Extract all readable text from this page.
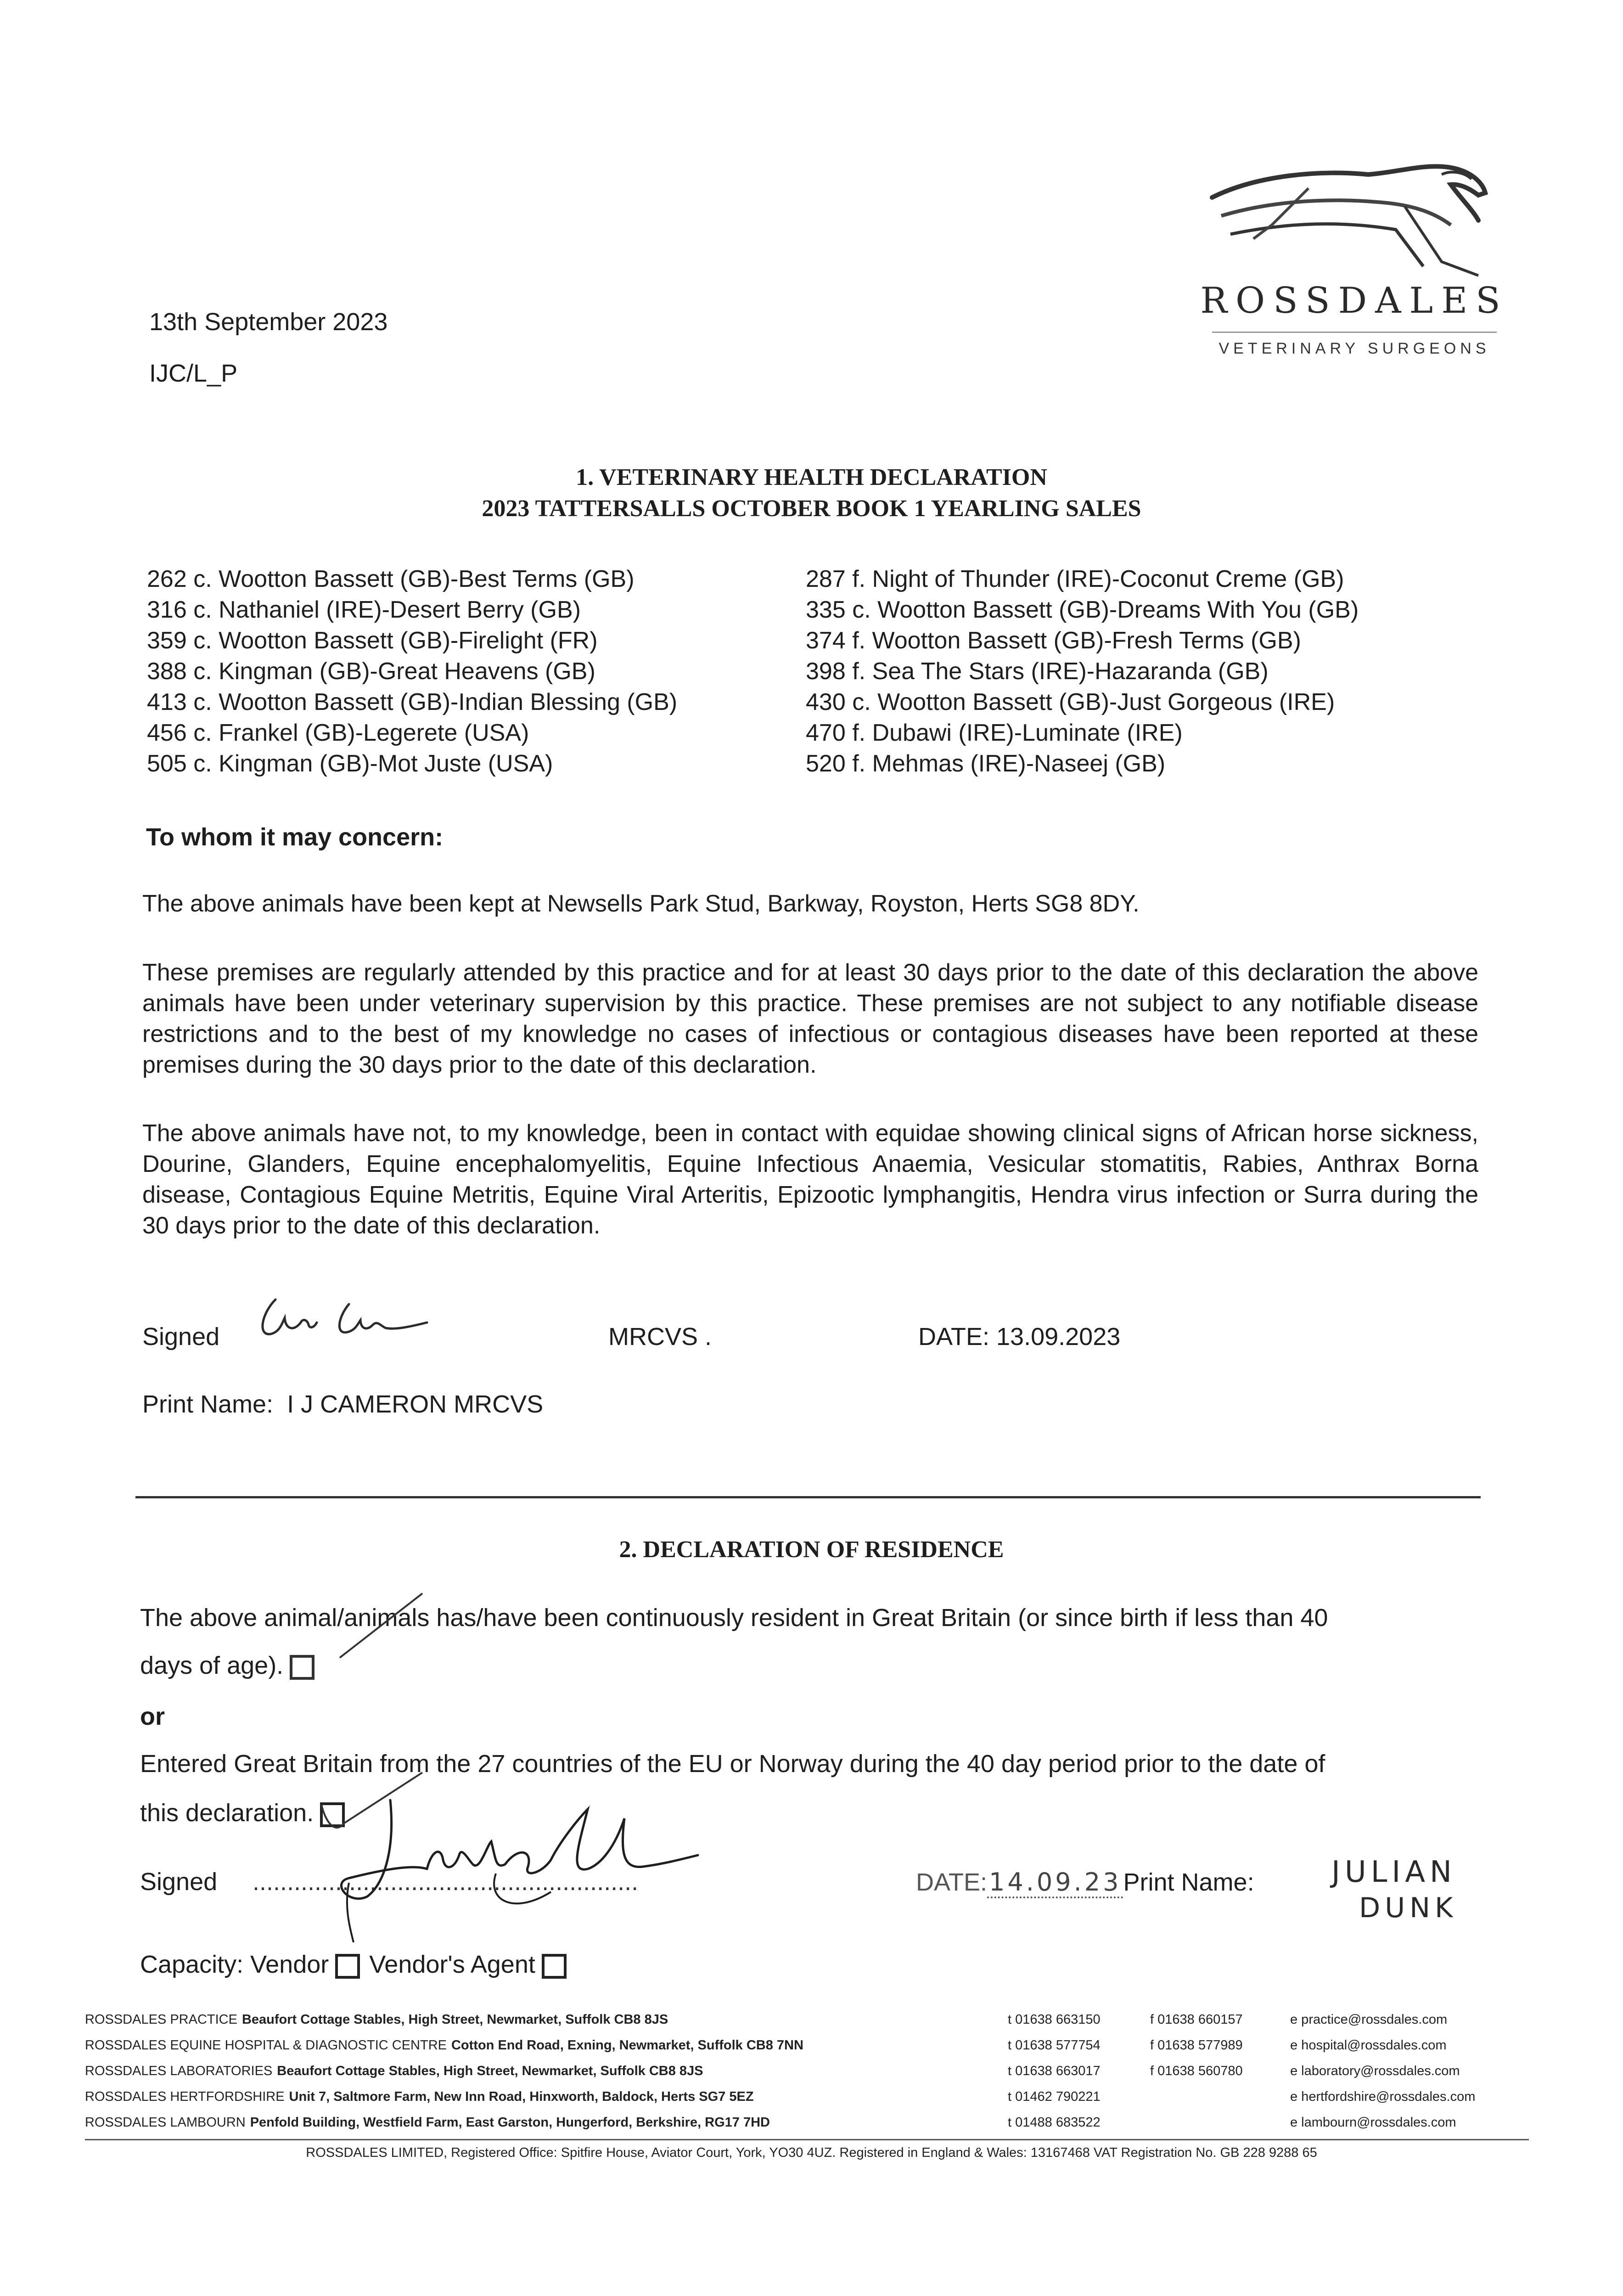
ROSSDALES
VETERINARY SURGEONS
13th September 2023
IJC/L_P
1. VETERINARY HEALTH DECLARATION
2023 TATTERSALLS OCTOBER BOOK 1 YEARLING SALES
262 c. Wootton Bassett (GB)-Best Terms (GB)
316 c. Nathaniel (IRE)-Desert Berry (GB)
359 c. Wootton Bassett (GB)-Firelight (FR)
388 c. Kingman (GB)-Great Heavens (GB)
413 c. Wootton Bassett (GB)-Indian Blessing (GB)
456 c. Frankel (GB)-Legerete (USA)
505 c. Kingman (GB)-Mot Juste (USA)
287 f. Night of Thunder (IRE)-Coconut Creme (GB)
335 c. Wootton Bassett (GB)-Dreams With You (GB)
374 f. Wootton Bassett (GB)-Fresh Terms (GB)
398 f. Sea The Stars (IRE)-Hazaranda (GB)
430 c. Wootton Bassett (GB)-Just Gorgeous (IRE)
470 f. Dubawi (IRE)-Luminate (IRE)
520 f. Mehmas (IRE)-Naseej (GB)
To whom it may concern:
The above animals have been kept at Newsells Park Stud, Barkway, Royston, Herts SG8 8DY.
These premises are regularly attended by this practice and for at least 30 days prior to the date of this declaration the above animals have been under veterinary supervision by this practice. These premises are not subject to any notifiable disease restrictions and to the best of my knowledge no cases of infectious or contagious diseases have been reported at these premises during the 30 days prior to the date of this declaration.
The above animals have not, to my knowledge, been in contact with equidae showing clinical signs of African horse sickness, Dourine, Glanders, Equine encephalomyelitis, Equine Infectious Anaemia, Vesicular stomatitis, Rabies, Anthrax Borna disease, Contagious Equine Metritis, Equine Viral Arteritis, Epizootic lymphangitis, Hendra virus infection or Surra during the 30 days prior to the date of this declaration.
Signed	MRCVS .	DATE: 13.09.2023
Print Name: I J CAMERON MRCVS
2. DECLARATION OF RESIDENCE
The above animal/animals has/have been continuously resident in Great Britain (or since birth if less than 40
days of age).
or
Entered Great Britain from the 27 countries of the EU or Norway during the 40 day period prior to the date of
this declaration.
Signed ........................................................	DATE:14.09.23Print Name:	JULIAN
DUNK
Capacity: Vendor Vendor's Agent
ROSSDALES PRACTICE Beaufort Cottage Stables, High Street, Newmarket, Suffolk CB8 8JS	t 01638 663150	f 01638 660157	e practice@rossdales.com
ROSSDALES EQUINE HOSPITAL & DIAGNOSTIC CENTRE Cotton End Road, Exning, Newmarket, Suffolk CB8 7NN	t 01638 577754	f 01638 577989	e hospital@rossdales.com
ROSSDALES LABORATORIES Beaufort Cottage Stables, High Street, Newmarket, Suffolk CB8 8JS	t 01638 663017	f 01638 560780	e laboratory@rossdales.com
ROSSDALES HERTFORDSHIRE Unit 7, Saltmore Farm, New Inn Road, Hinxworth, Baldock, Herts SG7 5EZ	t 01462 790221	e hertfordshire@rossdales.com
ROSSDALES LAMBOURN Penfold Building, Westfield Farm, East Garston, Hungerford, Berkshire, RG17 7HD	t 01488 683522	e lambourn@rossdales.com
ROSSDALES LIMITED, Registered Office: Spitfire House, Aviator Court, York, YO30 4UZ. Registered in England & Wales: 13167468 VAT Registration No. GB 228 9288 65
